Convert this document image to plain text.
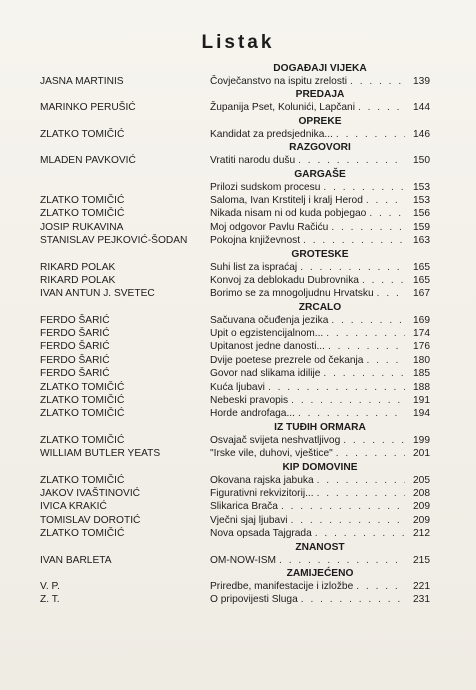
Listak
DOGAĐAJI VIJEKA
JASNA MARTINIS	Čovječanstvo na ispitu zrelosti . . .	139
PREDAJA
MARINKO PERUŠIĆ	Županija Pset, Kolunići, Lapčani . . .	144
OPREKE
ZLATKO TOMIČIĆ	Kandidat za predsjednika... . . .	146
RAZGOVORI
MLADEN PAVKOVIĆ	Vratiti narodu dušu . . .	150
GARGAŠE
Prilozi sudskom procesu . . .	153
ZLATKO TOMIČIĆ	Saloma, Ivan Krstitelj i kralj Herod . . .	153
ZLATKO TOMIČIĆ	Nikada nisam ni od kuda pobjegao . . .	156
JOSIP RUKAVINA	Moj odgovor Pavlu Račiću . . .	159
STANISLAV PEJKOVIĆ-ŠODAN	Pokojna književnost . . .	163
GROTESKE
RIKARD POLAK	Suhi list za ispraćaj . . .	165
RIKARD POLAK	Konvoj za deblokadu Dubrovnika . . .	165
IVAN ANTUN J. SVETEC	Borimo se za mnogoljudnu Hrvatsku . . .	167
ZRCALO
FERDO ŠARIĆ	Sačuvana očuđenja jezika . . .	169
FERDO ŠARIĆ	Upit o egzistencijalnom... . . .	174
FERDO ŠARIĆ	Upitanost jedne danosti... . . .	176
FERDO ŠARIĆ	Dvije poetese prezrele od čekanja . . .	180
FERDO ŠARIĆ	Govor nad slikama idilije . . .	185
ZLATKO TOMIČIĆ	Kuća ljubavi . . .	188
ZLATKO TOMIČIĆ	Nebeski pravopis . . .	191
ZLATKO TOMIČIĆ	Horde androfaga... . . .	194
IZ TUĐIH ORMARA
ZLATKO TOMIČIĆ	Osvajač svijeta neshvatljivog . . .	199
WILLIAM BUTLER YEATS	"Irske vile, duhovi, vještice" . . .	201
KIP DOMOVINE
ZLATKO TOMIČIĆ	Okovana rajska jabuka . . .	205
JAKOV IVAŠTINOVIĆ	Figurativni rekvizitorij... . . .	208
IVICA KRAKIĆ	Slikarica Brača . . .	209
TOMISLAV DOROTIĆ	Vječni sjaj ljubavi . . .	209
ZLATKO TOMIČIĆ	Nova opsada Tajgrada . . .	212
ZNANOST
IVAN BARLETA	OM-NOW-ISM . . .	215
ZAMIJEĆENO
V. P.	Priredbe, manifestacije i izložbe . . .	221
Z. T.	O pripovijesti Sluga . . .	231
